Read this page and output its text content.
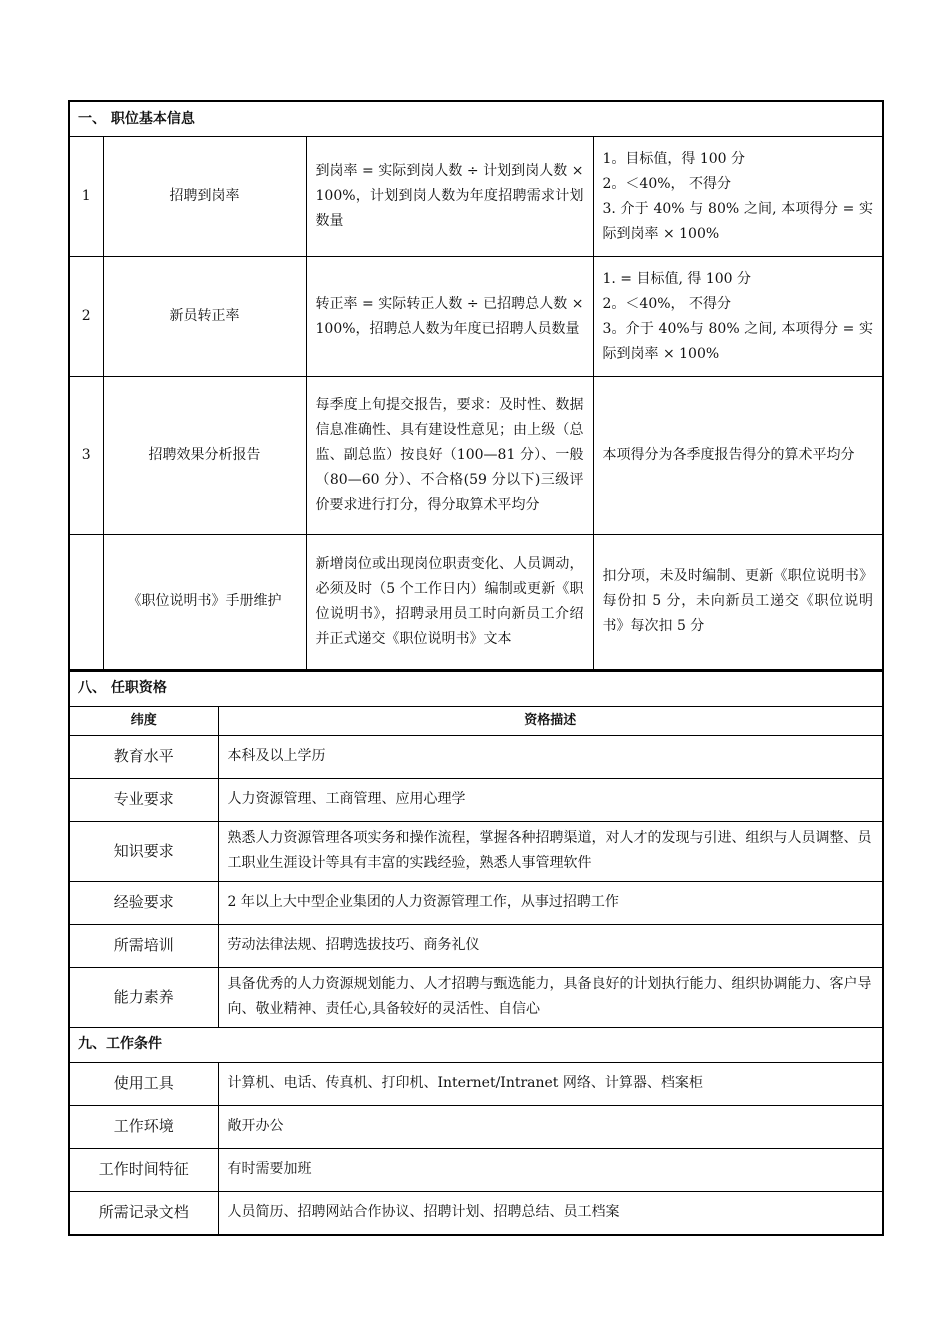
一、 职位基本信息			
1	招聘到岗率	到岗率 = 实际到岗人数 ÷ 计划到岗人数 × 100%，计划到岗人数为年度招聘需求计划数量	1。目标值，得 100 分
2。＜40%， 不得分
3. 介于 40% 与 80% 之间, 本项得分 = 实际到岗率 × 100%

2	新员转正率	转正率 = 实际转正人数 ÷ 已招聘总人数 × 100%，招聘总人数为年度已招聘人员数量	1. = 目标值, 得 100 分
2。＜40%， 不得分
3。介于 40%与 80% 之间, 本项得分 = 实际到岗率 × 100%

3	招聘效果分析报告	每季度上旬提交报告，要求：及时性、数据信息准确性、具有建设性意见；由上级（总监、副总监）按良好（100—81 分）、一般（80—60 分）、不合格(59 分以下)三级评价要求进行打分，得分取算术平均分	本项得分为各季度报告得分的算术平均分

	《职位说明书》手册维护	新增岗位或出现岗位职责变化、人员调动，必须及时（5 个工作日内）编制或更新《职位说明书》，招聘录用员工时向新员工介绍并正式递交《职位说明书》文本	扣分项，未及时编制、更新《职位说明书》每份扣 5 分，未向新员工递交《职位说明书》每次扣 5 分
八、 任职资格	
纬度	资格描述
教育水平	本科及以上学历
专业要求	人力资源管理、工商管理、应用心理学
知识要求	熟悉人力资源管理各项实务和操作流程，掌握各种招聘渠道，对人才的发现与引进、组织与人员调整、员工职业生涯设计等具有丰富的实践经验，熟悉人事管理软件
经验要求	2 年以上大中型企业集团的人力资源管理工作，从事过招聘工作
所需培训	劳动法律法规、招聘选拔技巧、商务礼仪
能力素养	具备优秀的人力资源规划能力、人才招聘与甄选能力，具备良好的计划执行能力、组织协调能力、客户导向、敬业精神、责任心,具备较好的灵活性、自信心
九、工作条件	
使用工具	计算机、电话、传真机、打印机、Internet/Intranet 网络、计算器、档案柜
工作环境	敞开办公
工作时间特征	有时需要加班
所需记录文档	人员简历、招聘网站合作协议、招聘计划、招聘总结、员工档案
